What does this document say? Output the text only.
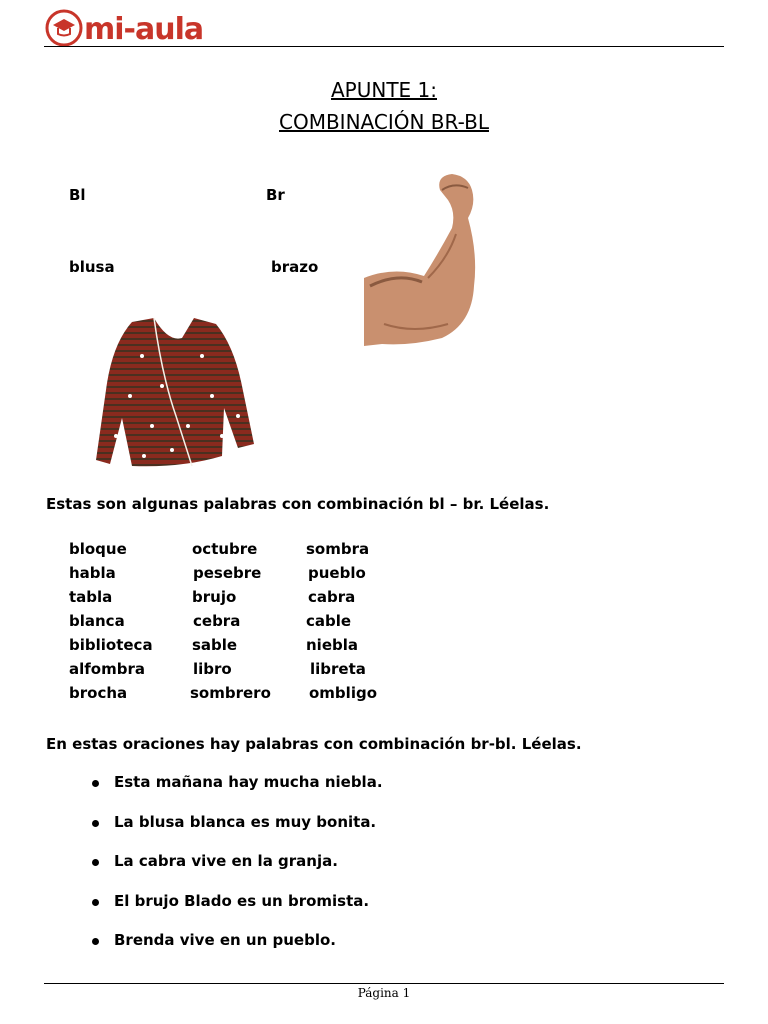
mi-aula
APUNTE 1:
COMBINACIÓN BR-BL
Bl	Br
blusa	brazo
Estas son algunas palabras con combinación bl – br. Léelas.
bloque	octubre	sombra
habla	pesebre	pueblo
tabla	brujo	cabra
blanca	cebra	cable
biblioteca	sable	niebla
alfombra	libro	libreta
brocha	sombrero	ombligo
En estas oraciones hay palabras con combinación br-bl. Léelas.
Esta mañana hay mucha niebla.
La blusa blanca es muy bonita.
La cabra vive en la granja.
El brujo Blado es un bromista.
Brenda vive en un pueblo.
Página 1
